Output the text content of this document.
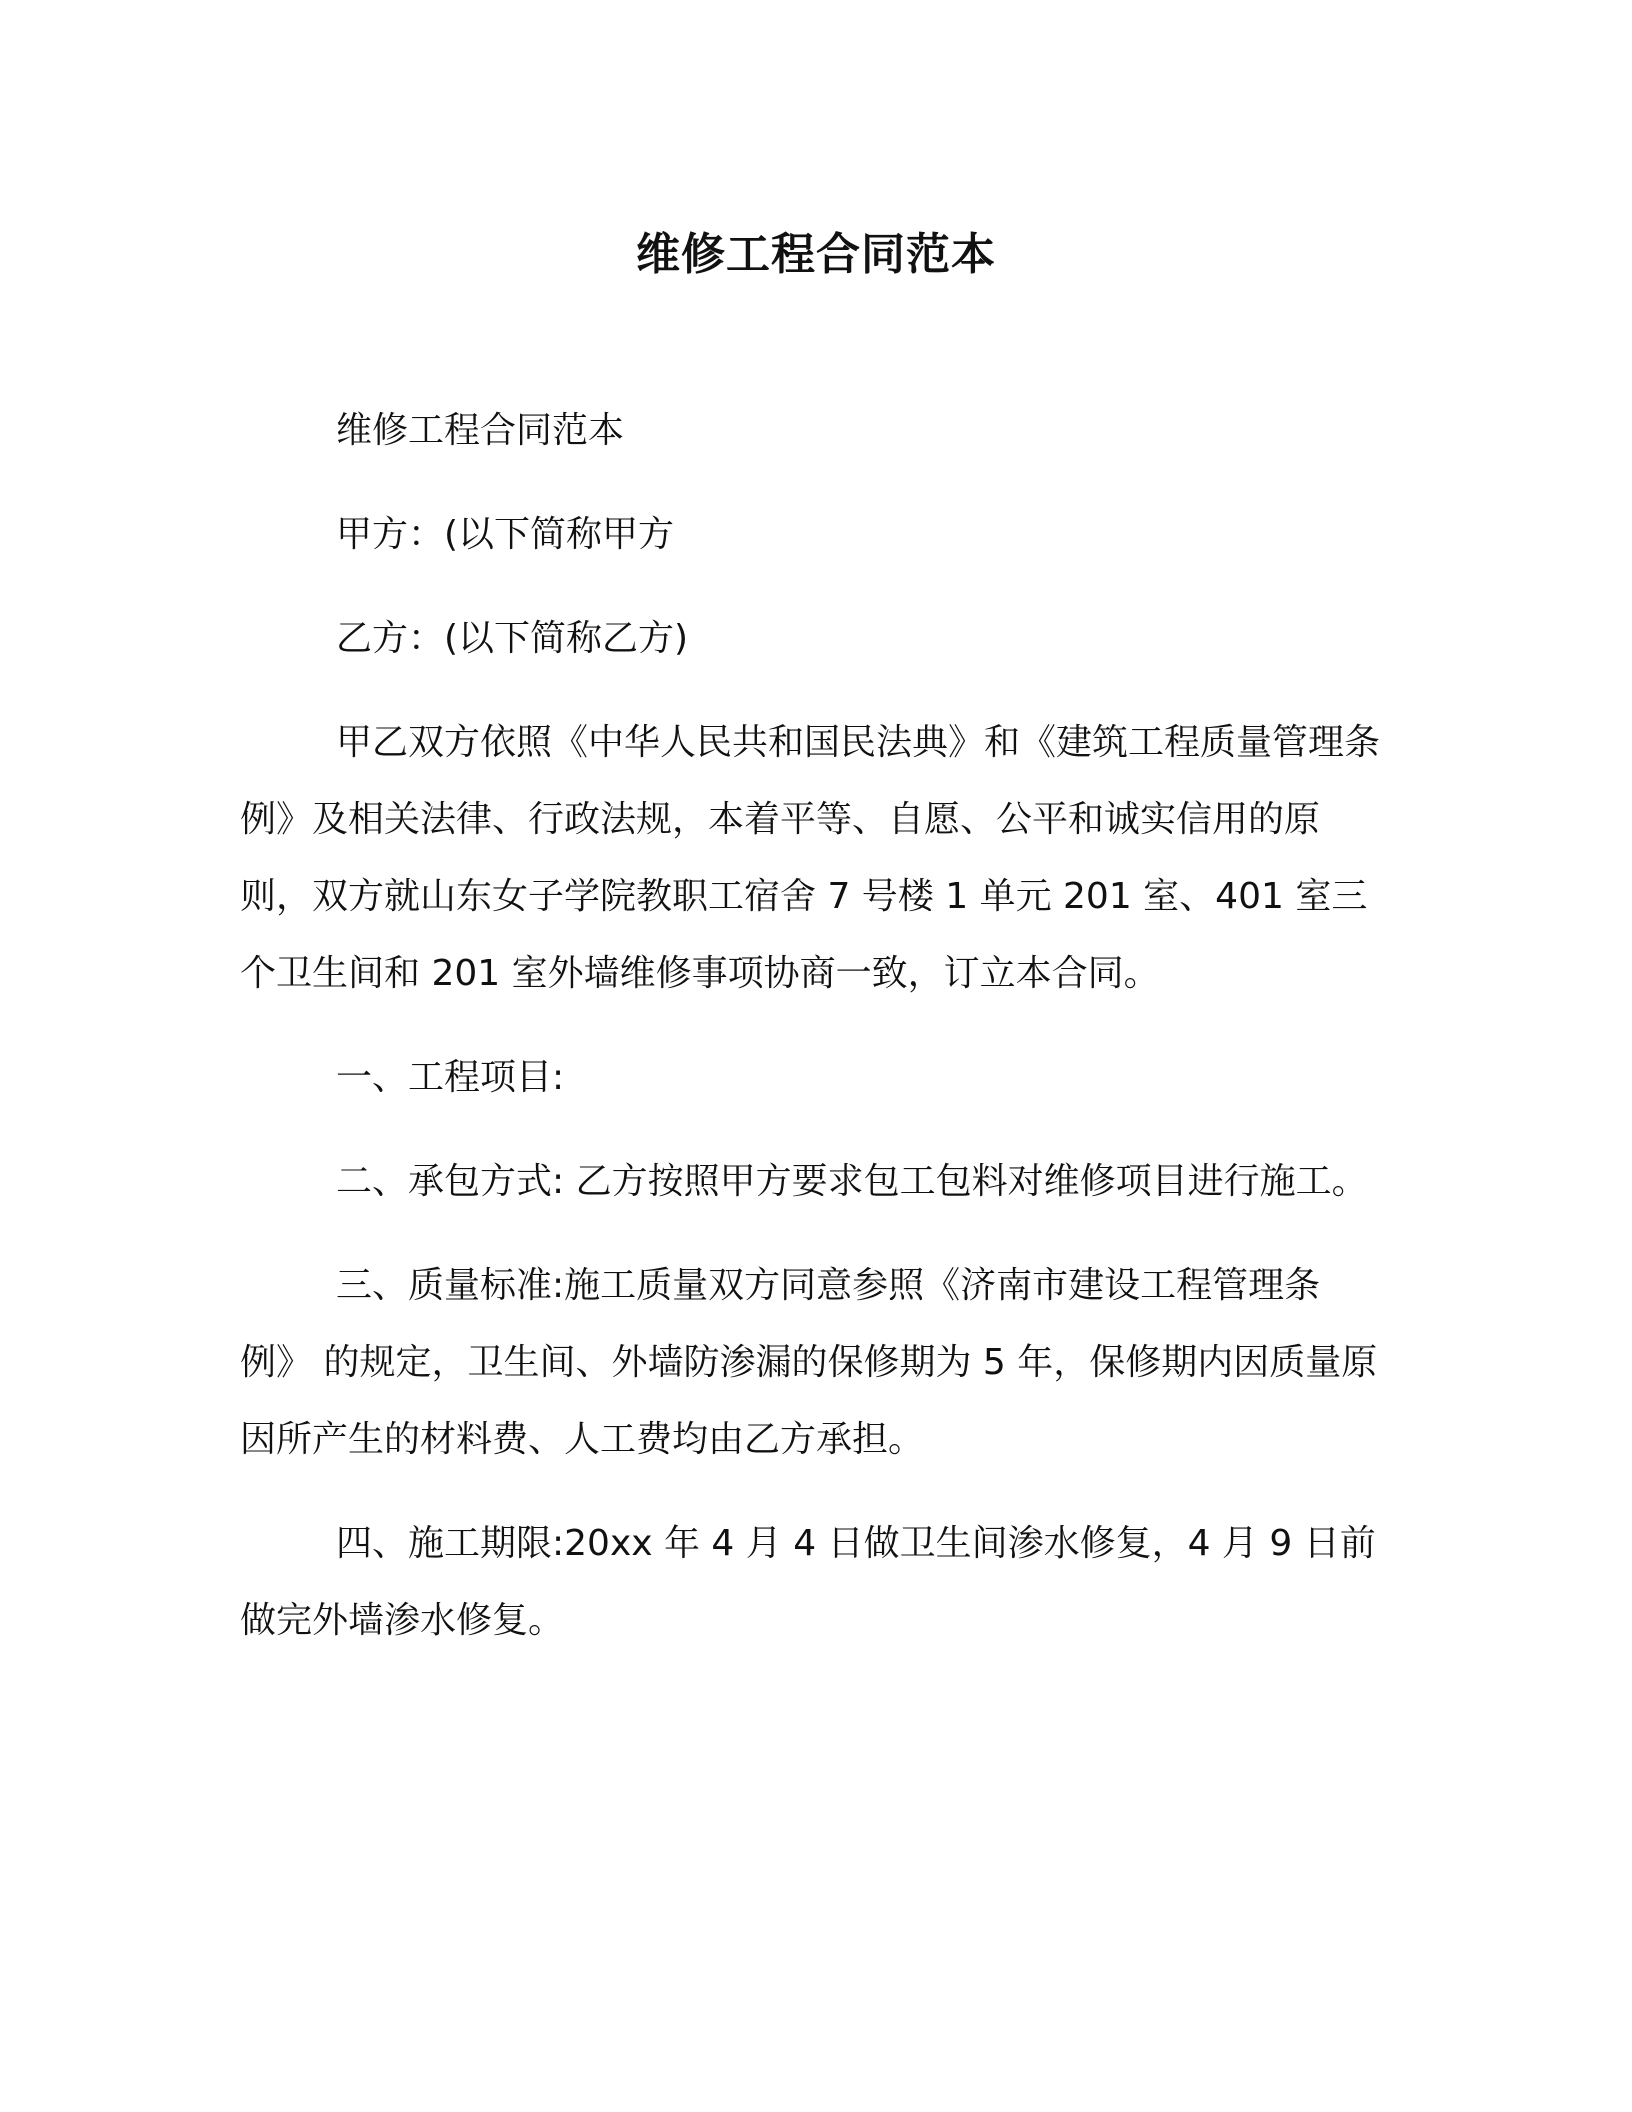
维修工程合同范本

维修工程合同范本

甲方：(以下简称甲方

乙方：(以下简称乙方)

甲乙双方依照《中华人民共和国民法典》和《建筑工程质量管理条例》及相关法律、行政法规，本着平等、自愿、公平和诚实信用的原则，双方就山东女子学院教职工宿舍 7 号楼 1 单元 201 室、401 室三个卫生间和 201 室外墙维修事项协商一致，订立本合同。

一、工程项目:

二、承包方式: 乙方按照甲方要求包工包料对维修项目进行施工。

三、质量标准:施工质量双方同意参照《济南市建设工程管理条例》 的规定，卫生间、外墙防渗漏的保修期为 5 年，保修期内因质量原因所产生的材料费、人工费均由乙方承担。

四、施工期限:20xx 年 4 月 4 日做卫生间渗水修复，4 月 9 日前做完外墙渗水修复。
